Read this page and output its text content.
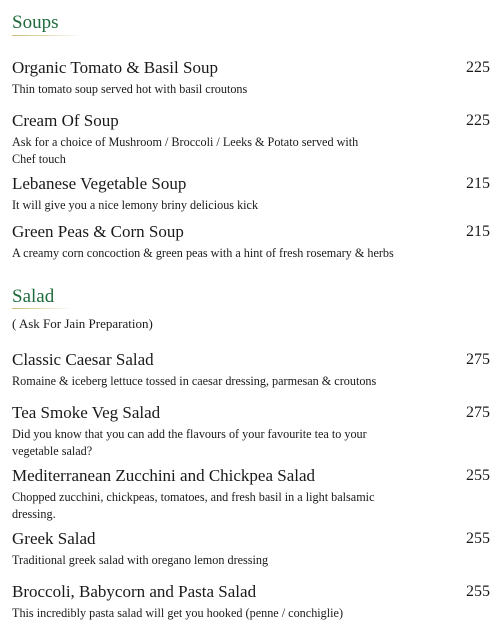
Soups
Organic Tomato & Basil Soup	225
Thin tomato soup served hot with basil croutons
Cream Of Soup	225
Ask for a choice of Mushroom / Broccoli / Leeks & Potato served with Chef touch
Lebanese Vegetable Soup	215
It will give you a nice lemony briny delicious kick
Green Peas & Corn Soup	215
A creamy corn concoction & green peas with a hint of fresh rosemary & herbs
Salad
( Ask For Jain Preparation)
Classic Caesar Salad	275
Romaine & iceberg lettuce tossed in caesar dressing, parmesan & croutons
Tea Smoke Veg Salad	275
Did you know that you can add the flavours of your favourite tea to your vegetable salad?
Mediterranean Zucchini and Chickpea Salad	255
Chopped zucchini, chickpeas, tomatoes, and fresh basil in a light balsamic dressing.
Greek Salad	255
Traditional greek salad with oregano lemon dressing
Broccoli, Babycorn and Pasta Salad	255
This incredibly pasta salad will get you hooked (penne / conchiglie)
